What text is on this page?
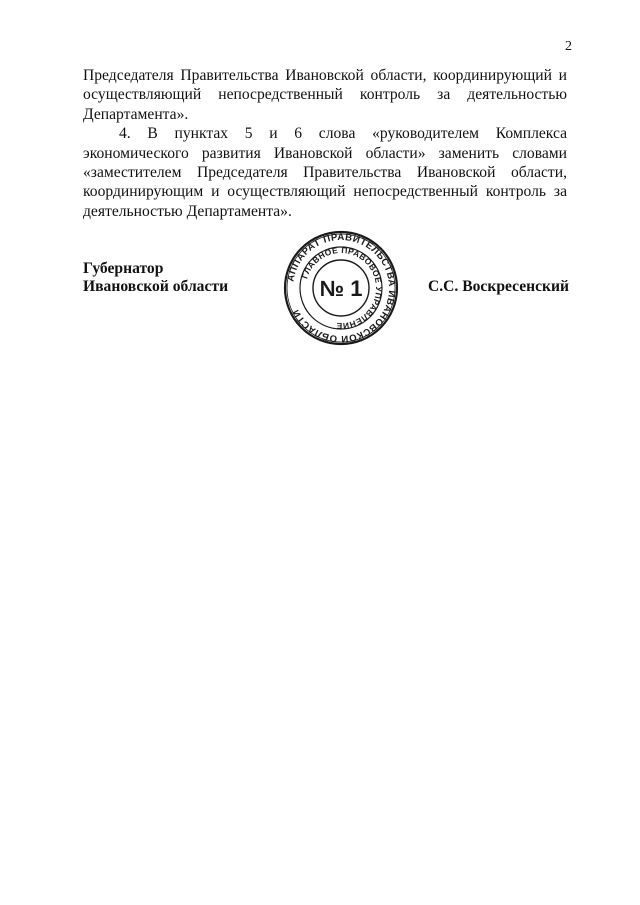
2

Председателя Правительства Ивановской области, координирующий и осуществляющий непосредственный контроль за деятельностью Департамента».

4. В пунктах 5 и 6 слова «руководителем Комплекса экономического развития Ивановской области» заменить словами «заместителем Председателя Правительства Ивановской области, координирующим и осуществляющий непосредственный контроль за деятельностью Департамента».

Губернатор
Ивановской области
АППАРАТ ПРАВИТЕЛЬСТВА ИВАНОВСКОЙ ОБЛАСТИ
ГЛАВНОЕ ПРАВОВОЕ УПРАВЛЕНИЕ
№ 1	С.С. Воскресенский
